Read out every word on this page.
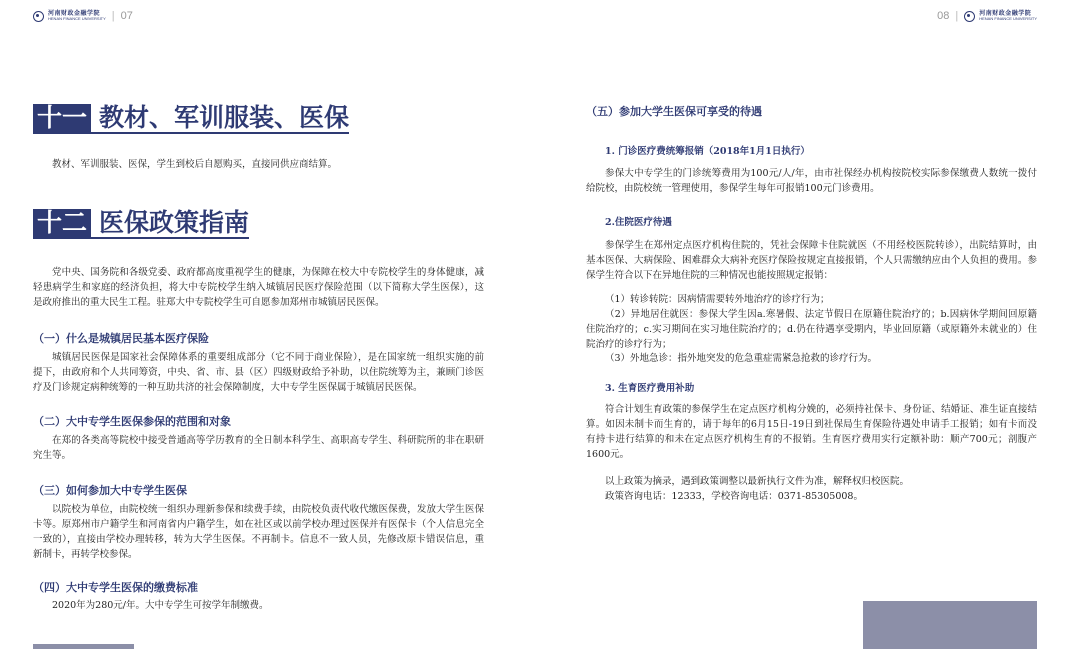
河南财政金融学院
HENAN FINANCE UNIVERSITY | 07
十一 教材、军训服装、医保
教材、军训服装、医保，学生到校后自愿购买，直接同供应商结算。
十二 医保政策指南
党中央、国务院和各级党委、政府都高度重视学生的健康，为保障在校大中专院校学生的身体健康，减轻患病学生和家庭的经济负担，将大中专院校学生纳入城镇居民医疗保险范围（以下简称大学生医保），这是政府推出的重大民生工程。驻郑大中专院校学生可自愿参加郑州市城镇居民医保。
（一）什么是城镇居民基本医疗保险
城镇居民医保是国家社会保障体系的重要组成部分（它不同于商业保险），是在国家统一组织实施的前提下，由政府和个人共同筹资，中央、省、市、县（区）四级财政给予补助，以住院统筹为主，兼顾门诊医疗及门诊规定病种统筹的一种互助共济的社会保障制度，大中专学生医保属于城镇居民医保。
（二）大中专学生医保参保的范围和对象
在郑的各类高等院校中接受普通高等学历教育的全日制本科学生、高职高专学生、科研院所的非在职研究生等。
（三）如何参加大中专学生医保
以院校为单位，由院校统一组织办理新参保和续费手续，由院校负责代收代缴医保费，发放大学生医保卡等。原郑州市户籍学生和河南省内户籍学生，如在社区或以前学校办理过医保并有医保卡（个人信息完全一致的），直接由学校办理转移，转为大学生医保。不再制卡。信息不一致人员，先修改原卡错误信息，重新制卡，再转学校参保。
（四）大中专学生医保的缴费标准
2020年为280元/年。大中专学生可按学年制缴费。
08 |	河南财政金融学院
HENAN FINANCE UNIVERSITY
（五）参加大学生医保可享受的待遇
1. 门诊医疗费统筹报销（2018年1月1日执行）
参保大中专学生的门诊统筹费用为100元/人/年，由市社保经办机构按院校实际参保缴费人数统一拨付给院校，由院校统一管理使用，参保学生每年可报销100元门诊费用。
2.住院医疗待遇
参保学生在郑州定点医疗机构住院的，凭社会保障卡住院就医（不用经校医院转诊），出院结算时，由基本医保、大病保险、困难群众大病补充医疗保险按规定直接报销，个人只需缴纳应由个人负担的费用。参保学生符合以下在异地住院的三种情况也能按照规定报销：
（1）转诊转院：因病情需要转外地治疗的诊疗行为；
（2）异地居住就医：参保大学生因a.寒暑假、法定节假日在原籍住院治疗的；b.因病休学期间回原籍住院治疗的；c.实习期间在实习地住院治疗的；d.仍在待遇享受期内，毕业回原籍（或原籍外未就业的）住院治疗的诊疗行为；
（3）外地急诊：指外地突发的危急重症需紧急抢救的诊疗行为。
3. 生育医疗费用补助
符合计划生育政策的参保学生在定点医疗机构分娩的，必须持社保卡、身份证、结婚证、准生证直接结算。如因未制卡而生育的，请于每年的6月15日-19日到社保局生育保险待遇处申请手工报销；如有卡而没有持卡进行结算的和未在定点医疗机构生育的不报销。生育医疗费用实行定额补助：顺产700元；剖腹产1600元。
以上政策为摘录，遇到政策调整以最新执行文件为准，解释权归校医院。
政策咨询电话：12333，学校咨询电话：0371-85305008。
